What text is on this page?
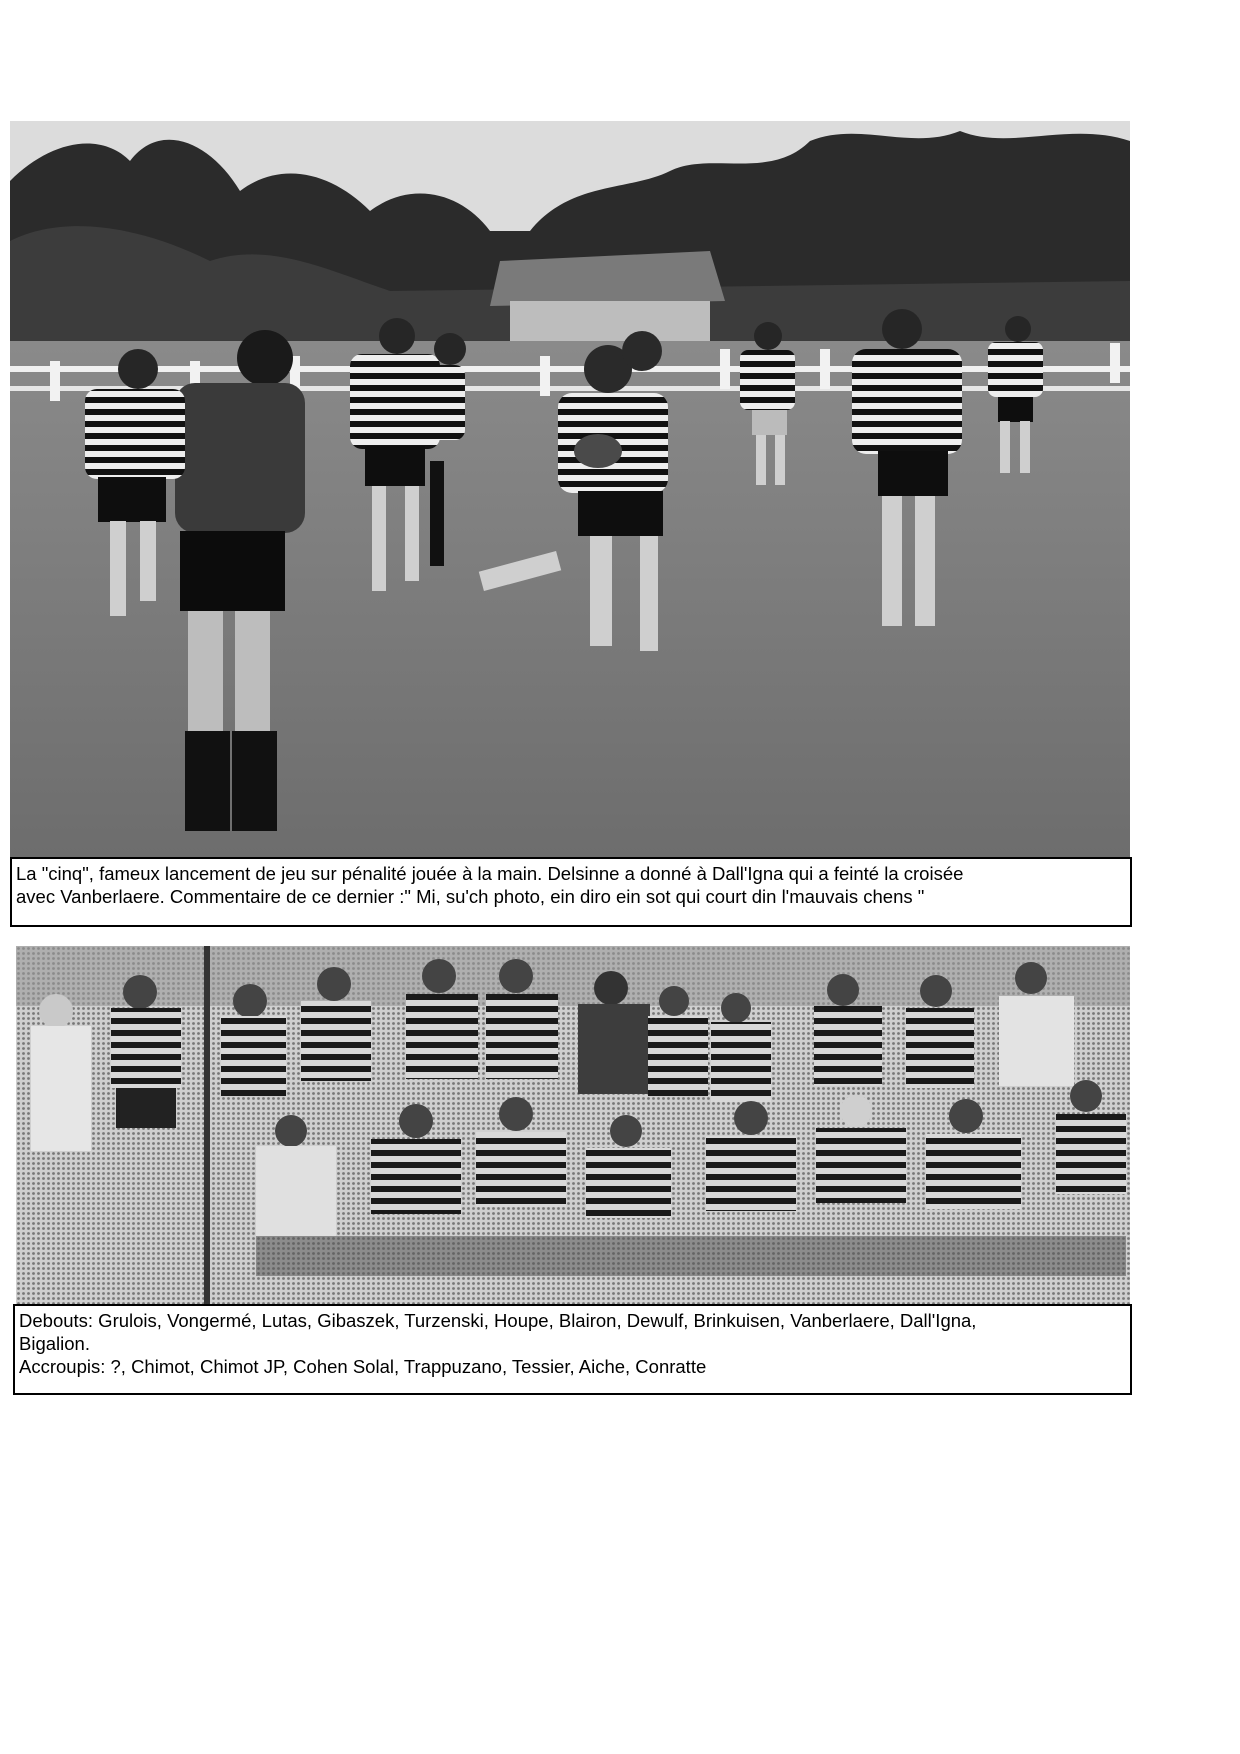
La "cinq", fameux lancement de jeu sur pénalité jouée à la main. Delsinne a donné à Dall'Igna qui a feinté la croisée
avec Vanberlaere. Commentaire de ce dernier :" Mi, su'ch photo, ein diro ein sot qui court din l'mauvais chens "
Debouts: Grulois, Vongermé, Lutas, Gibaszek, Turzenski, Houpe, Blairon, Dewulf, Brinkuisen, Vanberlaere, Dall'Igna,
Bigalion.
Accroupis: ?, Chimot, Chimot JP, Cohen Solal, Trappuzano, Tessier, Aiche, Conratte
